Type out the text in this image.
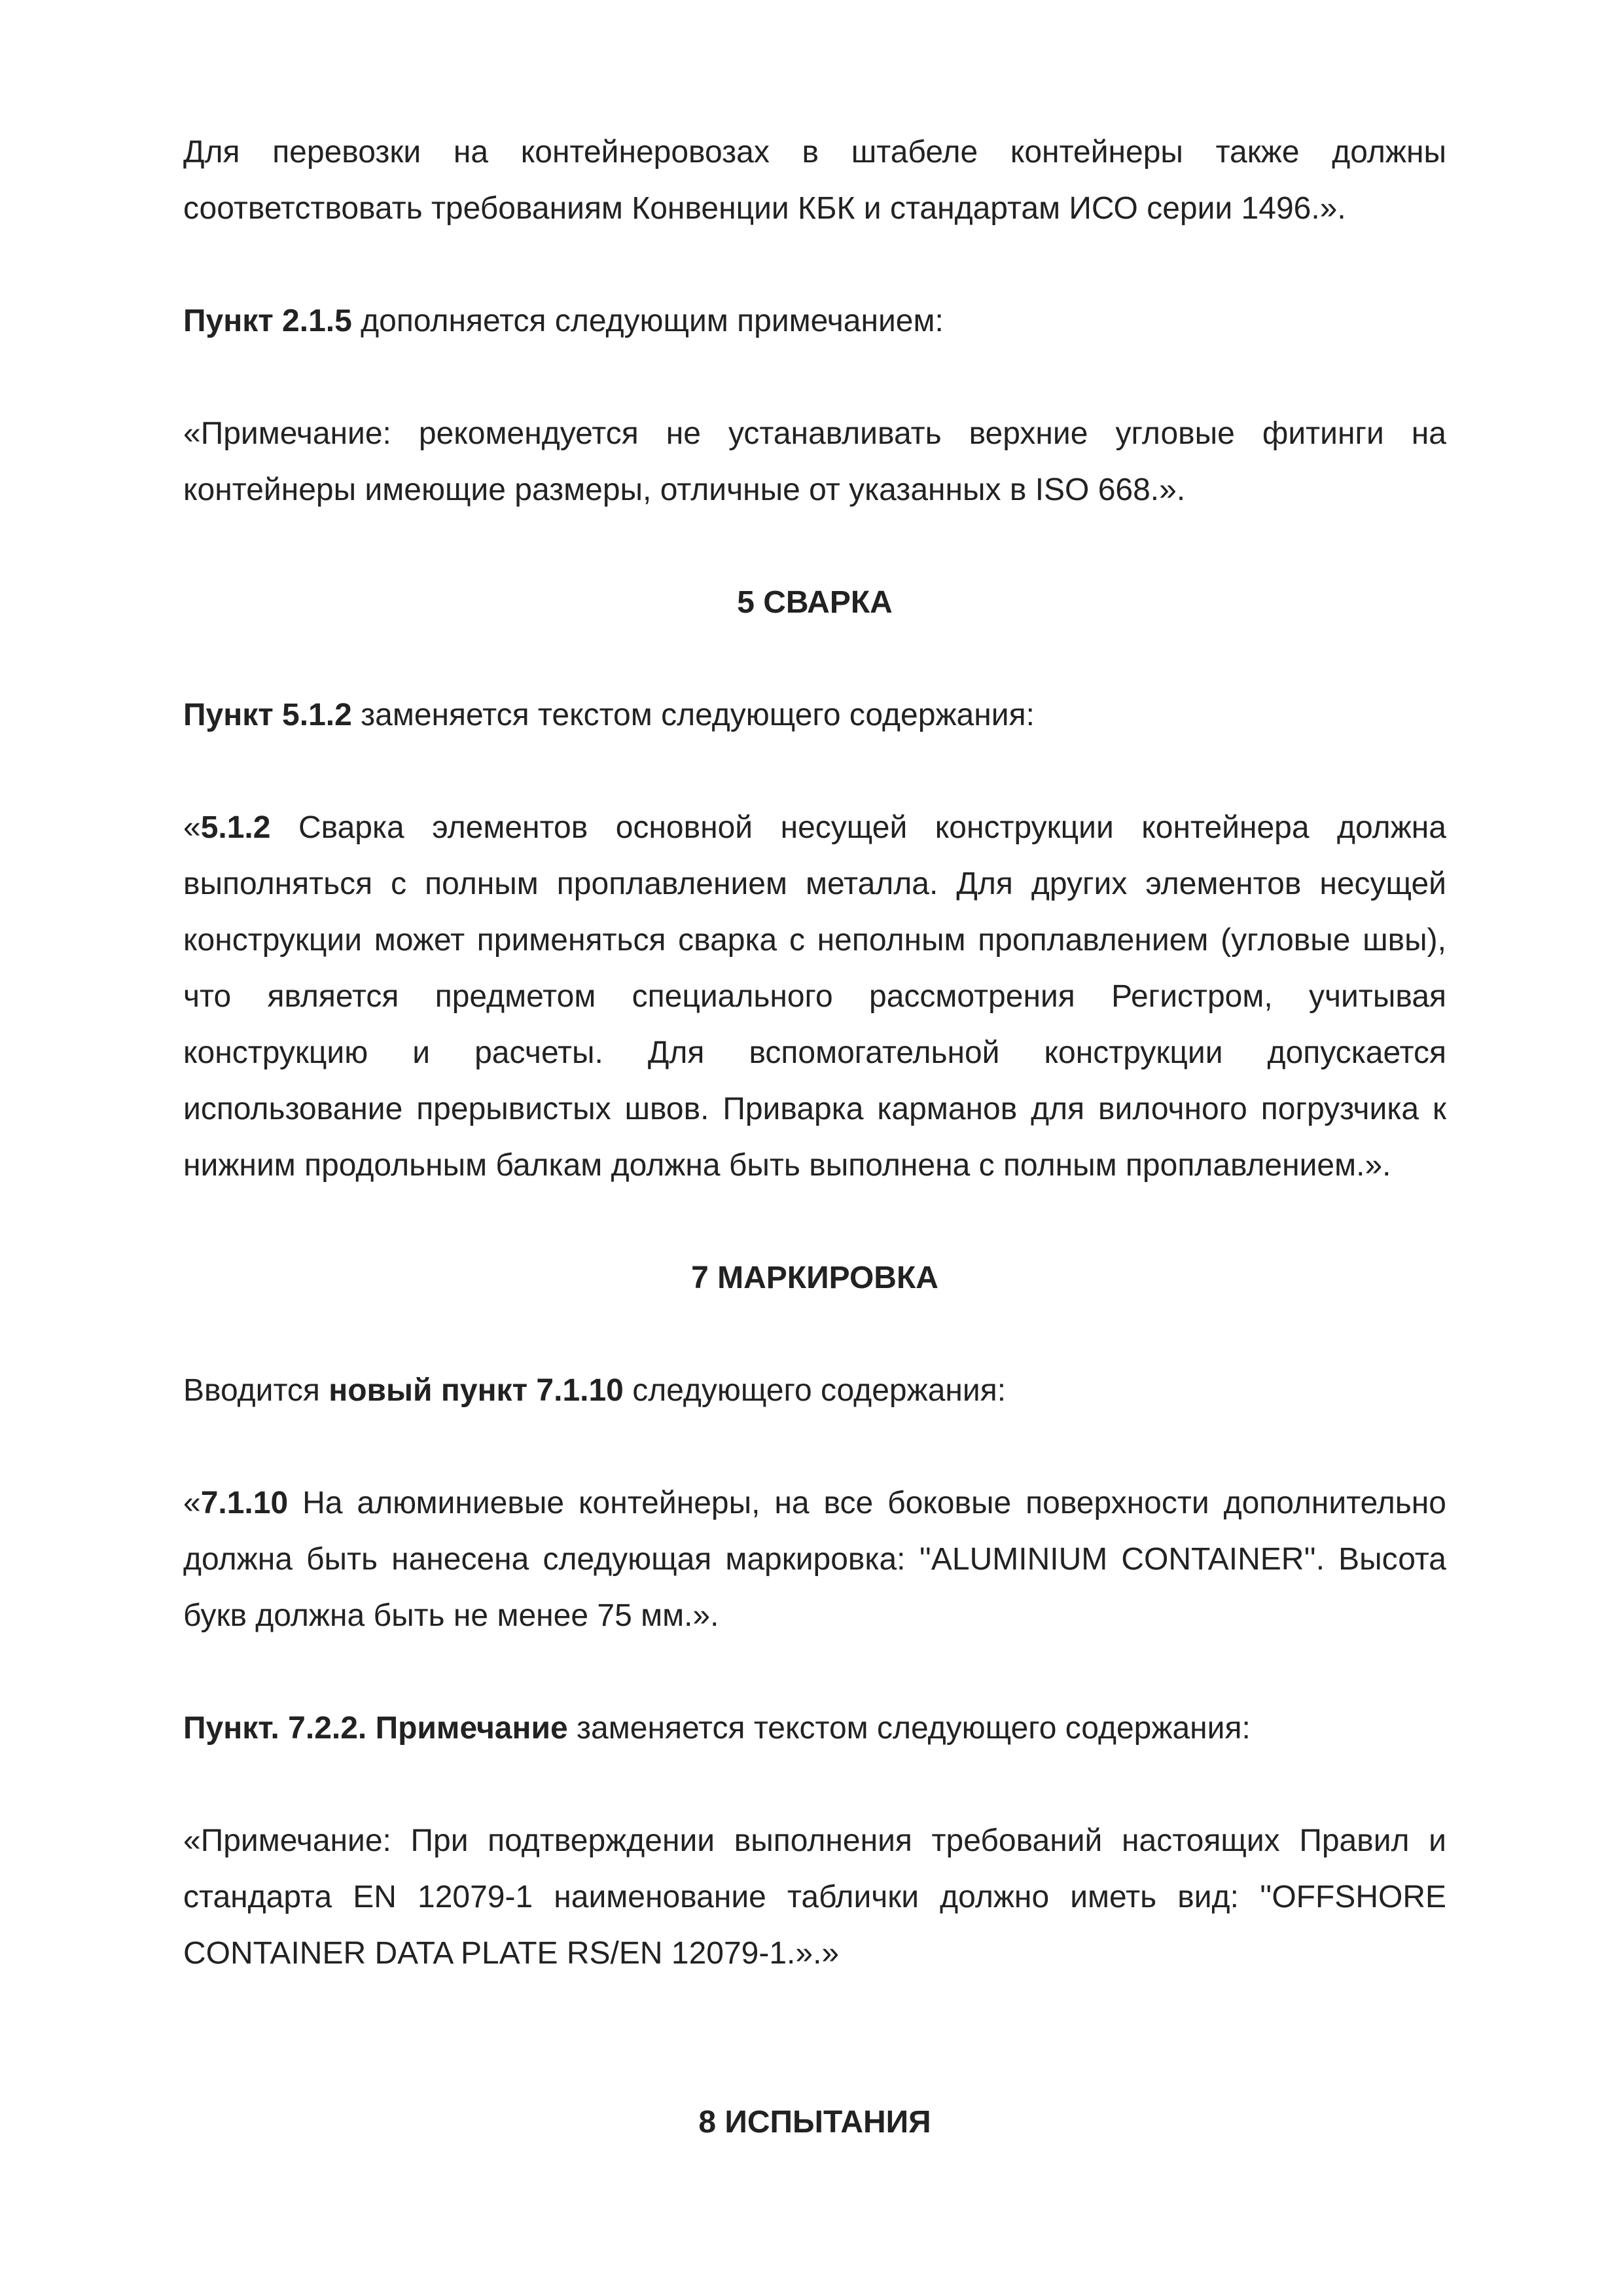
Для перевозки на контейнеровозах в штабеле контейнеры также должны соответствовать требованиям Конвенции КБК и стандартам ИСО серии 1496.».

Пункт 2.1.5 дополняется следующим примечанием:

«Примечание: рекомендуется не устанавливать верхние угловые фитинги на контейнеры имеющие размеры, отличные от указанных в ISO 668.».

5 СВАРКА

Пункт 5.1.2 заменяется текстом следующего содержания:

«5.1.2 Сварка элементов основной несущей конструкции контейнера должна выполняться с полным проплавлением металла. Для других элементов несущей конструкции может применяться сварка с неполным проплавлением (угловые швы), что является предметом специального рассмотрения Регистром, учитывая конструкцию и расчеты. Для вспомогательной конструкции допускается использование прерывистых швов. Приварка карманов для вилочного погрузчика к нижним продольным балкам должна быть выполнена с полным проплавлением.».

7 МАРКИРОВКА

Вводится новый пункт 7.1.10 следующего содержания:

«7.1.10 На алюминиевые контейнеры, на все боковые поверхности дополнительно должна быть нанесена следующая маркировка: ''ALUMINIUM CONTAINER''. Высота букв должна быть не менее 75 мм.».

Пункт. 7.2.2. Примечание заменяется текстом следующего содержания:

«Примечание: При подтверждении выполнения требований настоящих Правил и стандарта EN 12079-1 наименование таблички должно иметь вид: ''OFFSHORE CONTAINER DATA PLATE RS/EN 12079-1.».»

8 ИСПЫТАНИЯ
